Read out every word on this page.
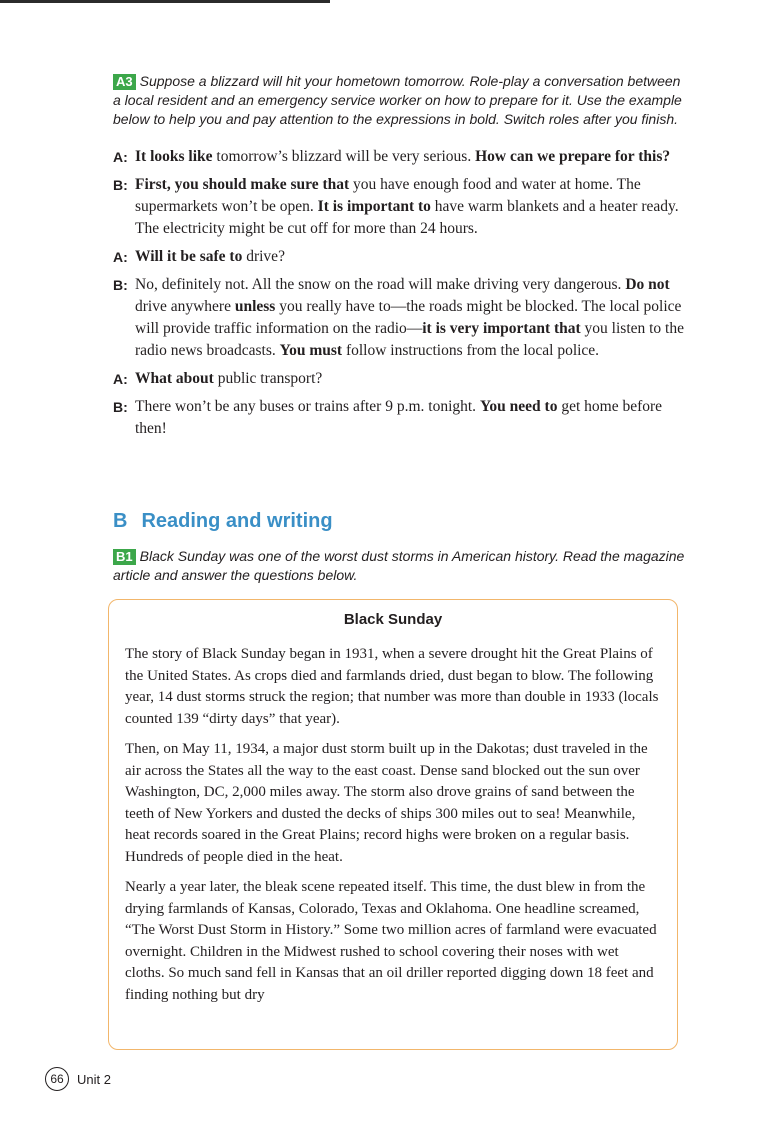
A3 Suppose a blizzard will hit your hometown tomorrow. Role-play a conversation between a local resident and an emergency service worker on how to prepare for it. Use the example below to help you and pay attention to the expressions in bold. Switch roles after you finish.
A: It looks like tomorrow’s blizzard will be very serious. How can we prepare for this?
B: First, you should make sure that you have enough food and water at home. The supermarkets won’t be open. It is important to have warm blankets and a heater ready. The electricity might be cut off for more than 24 hours.
A: Will it be safe to drive?
B: No, definitely not. All the snow on the road will make driving very dangerous. Do not drive anywhere unless you really have to—the roads might be blocked. The local police will provide traffic information on the radio—it is very important that you listen to the radio news broadcasts. You must follow instructions from the local police.
A: What about public transport?
B: There won’t be any buses or trains after 9 p.m. tonight. You need to get home before then!
B Reading and writing
B1 Black Sunday was one of the worst dust storms in American history. Read the magazine article and answer the questions below.
Black Sunday

The story of Black Sunday began in 1931, when a severe drought hit the Great Plains of the United States. As crops died and farmlands dried, dust began to blow. The following year, 14 dust storms struck the region; that number was more than double in 1933 (locals counted 139 “dirty days” that year).

Then, on May 11, 1934, a major dust storm built up in the Dakotas; dust traveled in the air across the States all the way to the east coast. Dense sand blocked out the sun over Washington, DC, 2,000 miles away. The storm also drove grains of sand between the teeth of New Yorkers and dusted the decks of ships 300 miles out to sea! Meanwhile, heat records soared in the Great Plains; record highs were broken on a regular basis. Hundreds of people died in the heat.

Nearly a year later, the bleak scene repeated itself. This time, the dust blew in from the drying farmlands of Kansas, Colorado, Texas and Oklahoma. One headline screamed, “The Worst Dust Storm in History.” Some two million acres of farmland were evacuated overnight. Children in the Midwest rushed to school covering their noses with wet cloths. So much sand fell in Kansas that an oil driller reported digging down 18 feet and finding nothing but dry

66	Unit 2
